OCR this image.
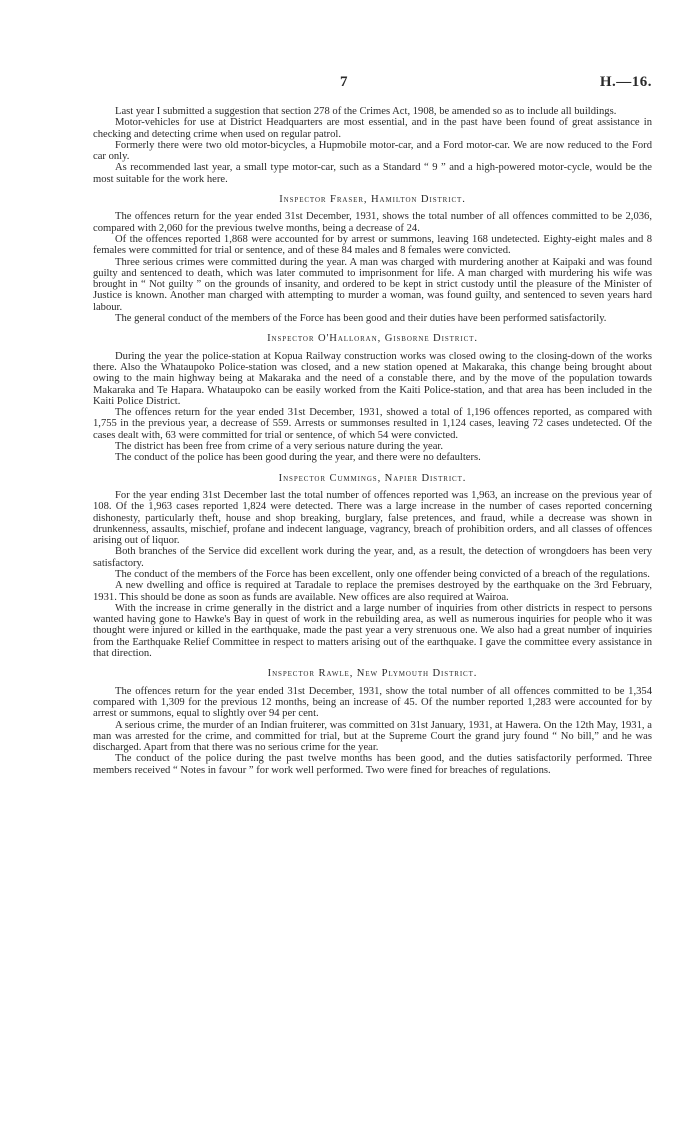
7	H.—16.

Last year I submitted a suggestion that section 278 of the Crimes Act, 1908, be amended so as to include all buildings.

Motor-vehicles for use at District Headquarters are most essential, and in the past have been found of great assistance in checking and detecting crime when used on regular patrol.

Formerly there were two old motor-bicycles, a Hupmobile motor-car, and a Ford motor-car. We are now reduced to the Ford car only.

As recommended last year, a small type motor-car, such as a Standard “ 9 ” and a high-powered motor-cycle, would be the most suitable for the work here.

Inspector Fraser, Hamilton District.

The offences return for the year ended 31st December, 1931, shows the total number of all offences committed to be 2,036, compared with 2,060 for the previous twelve months, being a decrease of 24.

Of the offences reported 1,868 were accounted for by arrest or summons, leaving 168 undetected. Eighty-eight males and 8 females were committed for trial or sentence, and of these 84 males and 8 females were convicted.

Three serious crimes were committed during the year. A man was charged with murdering another at Kaipaki and was found guilty and sentenced to death, which was later commuted to imprisonment for life. A man charged with murdering his wife was brought in “ Not guilty ” on the grounds of insanity, and ordered to be kept in strict custody until the pleasure of the Minister of Justice is known. Another man charged with attempting to murder a woman, was found guilty, and sentenced to seven years hard labour.

The general conduct of the members of the Force has been good and their duties have been performed satisfactorily.

Inspector O'Halloran, Gisborne District.

During the year the police-station at Kopua Railway construction works was closed owing to the closing-down of the works there. Also the Whataupoko Police-station was closed, and a new station opened at Makaraka, this change being brought about owing to the main highway being at Makaraka and the need of a constable there, and by the move of the population towards Makaraka and Te Hapara. Whataupoko can be easily worked from the Kaiti Police-station, and that area has been included in the Kaiti Police District.

The offences return for the year ended 31st December, 1931, showed a total of 1,196 offences reported, as compared with 1,755 in the previous year, a decrease of 559. Arrests or summonses resulted in 1,124 cases, leaving 72 cases undetected. Of the cases dealt with, 63 were committed for trial or sentence, of which 54 were convicted.

The district has been free from crime of a very serious nature during the year.

The conduct of the police has been good during the year, and there were no defaulters.

Inspector Cummings, Napier District.

For the year ending 31st December last the total number of offences reported was 1,963, an increase on the previous year of 108. Of the 1,963 cases reported 1,824 were detected. There was a large increase in the number of cases reported concerning dishonesty, particularly theft, house and shop breaking, burglary, false pretences, and fraud, while a decrease was shown in drunkenness, assaults, mischief, profane and indecent language, vagrancy, breach of prohibition orders, and all classes of offences arising out of liquor.

Both branches of the Service did excellent work during the year, and, as a result, the detection of wrongdoers has been very satisfactory.

The conduct of the members of the Force has been excellent, only one offender being convicted of a breach of the regulations.

A new dwelling and office is required at Taradale to replace the premises destroyed by the earthquake on the 3rd February, 1931. This should be done as soon as funds are available. New offices are also required at Wairoa.

With the increase in crime generally in the district and a large number of inquiries from other districts in respect to persons wanted having gone to Hawke's Bay in quest of work in the rebuilding area, as well as numerous inquiries for people who it was thought were injured or killed in the earthquake, made the past year a very strenuous one. We also had a great number of inquiries from the Earthquake Relief Committee in respect to matters arising out of the earthquake. I gave the committee every assistance in that direction.

Inspector Rawle, New Plymouth District.

The offences return for the year ended 31st December, 1931, show the total number of all offences committed to be 1,354 compared with 1,309 for the previous 12 months, being an increase of 45. Of the number reported 1,283 were accounted for by arrest or summons, equal to slightly over 94 per cent.

A serious crime, the murder of an Indian fruiterer, was committed on 31st January, 1931, at Hawera. On the 12th May, 1931, a man was arrested for the crime, and committed for trial, but at the Supreme Court the grand jury found “ No bill,” and he was discharged. Apart from that there was no serious crime for the year.

The conduct of the police during the past twelve months has been good, and the duties satisfactorily performed. Three members received “ Notes in favour ” for work well performed. Two were fined for breaches of regulations.
